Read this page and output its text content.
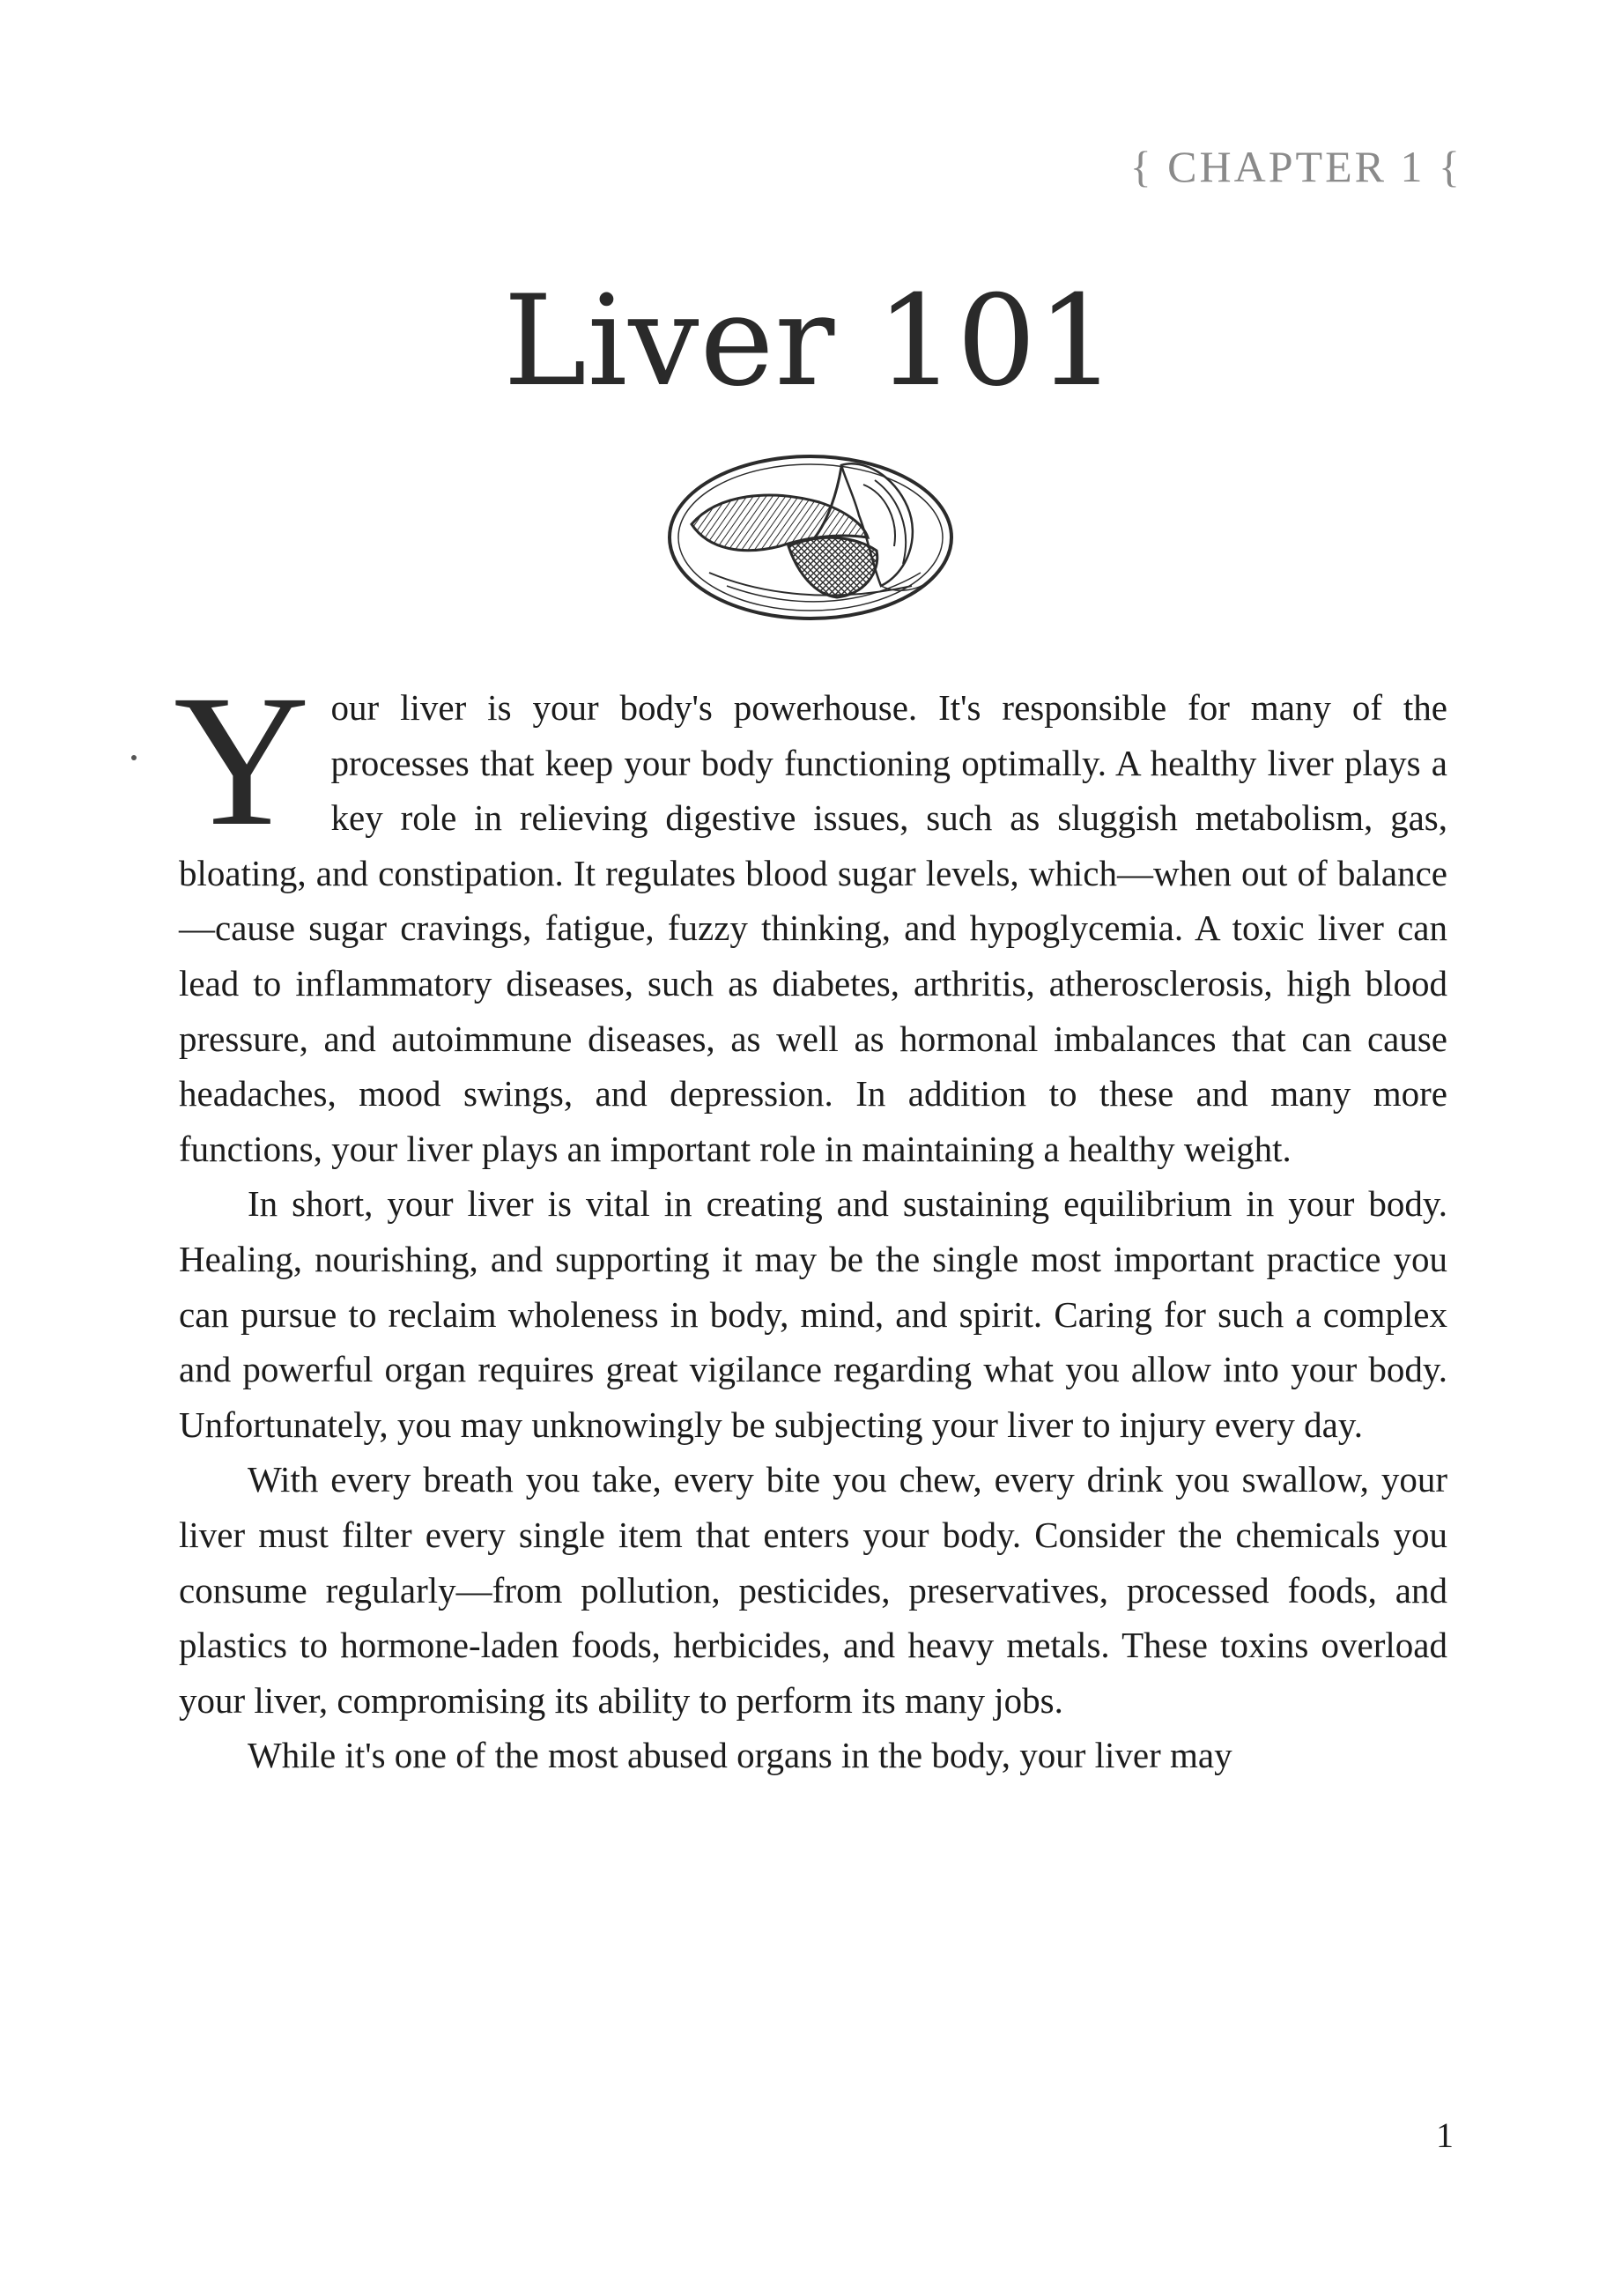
{ CHAPTER 1 {
Liver 101

Your liver is your body's powerhouse. It's responsible for many of the processes that keep your body functioning optimally. A healthy liver plays a key role in relieving digestive issues, such as sluggish metabolism, gas, bloating, and constipation. It regulates blood sugar levels, which—when out of balance—cause sugar cravings, fatigue, fuzzy thinking, and hypoglycemia. A toxic liver can lead to inflammatory diseases, such as diabetes, arthritis, atherosclerosis, high blood pressure, and autoimmune diseases, as well as hormonal imbalances that can cause headaches, mood swings, and depression. In addition to these and many more functions, your liver plays an important role in maintaining a healthy weight.

In short, your liver is vital in creating and sustaining equilibrium in your body. Healing, nourishing, and supporting it may be the single most important practice you can pursue to reclaim wholeness in body, mind, and spirit. Caring for such a complex and powerful organ requires great vigilance regarding what you allow into your body. Unfortunately, you may unknowingly be subjecting your liver to injury every day.

With every breath you take, every bite you chew, every drink you swallow, your liver must filter every single item that enters your body. Consider the chemicals you consume regularly—from pollution, pesticides, preservatives, processed foods, and plastics to hormone-laden foods, herbicides, and heavy metals. These toxins overload your liver, compromising its ability to perform its many jobs.

While it's one of the most abused organs in the body, your liver may

1
